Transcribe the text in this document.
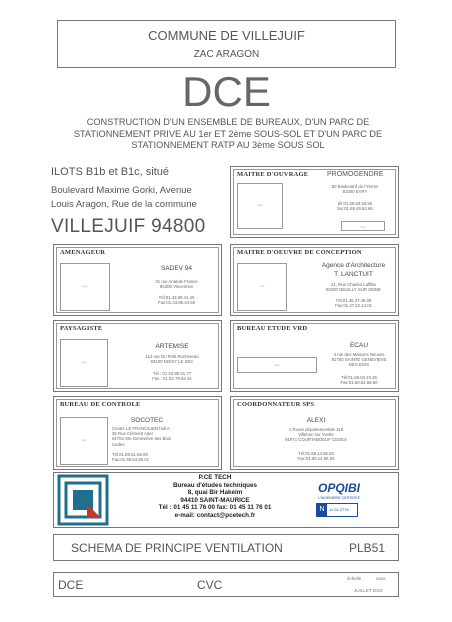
COMMUNE DE VILLEJUIF
ZAC ARAGON
DCE
CONSTRUCTION D'UN ENSEMBLE DE BUREAUX, D'UN PARC DE
STATIONNEMENT PRIVE AU 1er ET 2ème SOUS-SOL ET D'UN PARC DE
STATIONNEMENT RATP AU 3ème SOUS SOL
ILOTS B1b et B1c, situé
Boulevard Maxime Gorki, Avenue
Louis Aragon, Rue de la commune
VILLEJUIF 94800
MAITRE D'OUVRAGE	PROMOGENDRE
logo
50 Boulevard de l'Yerres
91000 EVRY
tél:01.69.63.53.56
fax:01.69.45.62.66
logo
AMENAGEUR
logo
SADEV 94
31 rue Anatole France
94306 Vincennes
Tél:01.43.98.44.40
Fax:01.43.98.44.69
MAITRE D'OEUVRE DE CONCEPTION
logo
Agence d'Architecture
T. LANCTUIT
21, Rue Charles Laffitte
92200 NEUILLY SUR SEINE
Tél:01.46.37.46.09
Fax:01.47.22.14.01
PAYSAGISTE
logo
ARTEMISE
114 rue Du Petit Rochereau
93100 NOISY LE SEC
Tél : 01 53 89 01 77
Fax : 01 53 79 84 44
BUREAU ETUDE VRD
logo
ECAU
4 rue des Maisons Neuves
91760 SAINTE GENEVIEVE
DES BOIS
Tél:01.69.04.23.26
Fax:01.60.54.66.50
BUREAU DE CONTROLE
logo
SOCOTEC
Centre LE FRANCILIEN hall A
35 Rue Clément Ader
91702 Ste Geneviève des Bois
Cedex
Tél:01.69.51.56.00
Fax:01.69.54.56.01
COORDONNATEUR SPS
ALEXI
1 Route départementale 118
Villebon sur Yvette
91971 COURTABOEUF CEDEX
Tél:01.69.14.56.93
Fax:01.69.14.86.93
P.CE TECH
Bureau d'études techniques
8, quai Bir Hakeim
94410 SAINT-MAURICE
Tél : 01 45 11 76 00 fax: 01 45 11 76 01
e-mail: contact@pcetech.fr
OPQIBI
L'INGÉNIERIE CERTIFIÉE
N	11 04 2776
SCHEMA DE PRINCIPE VENTILATION	PLB51
DCE	CVC	échelle :	sans
JUILLET 2016
